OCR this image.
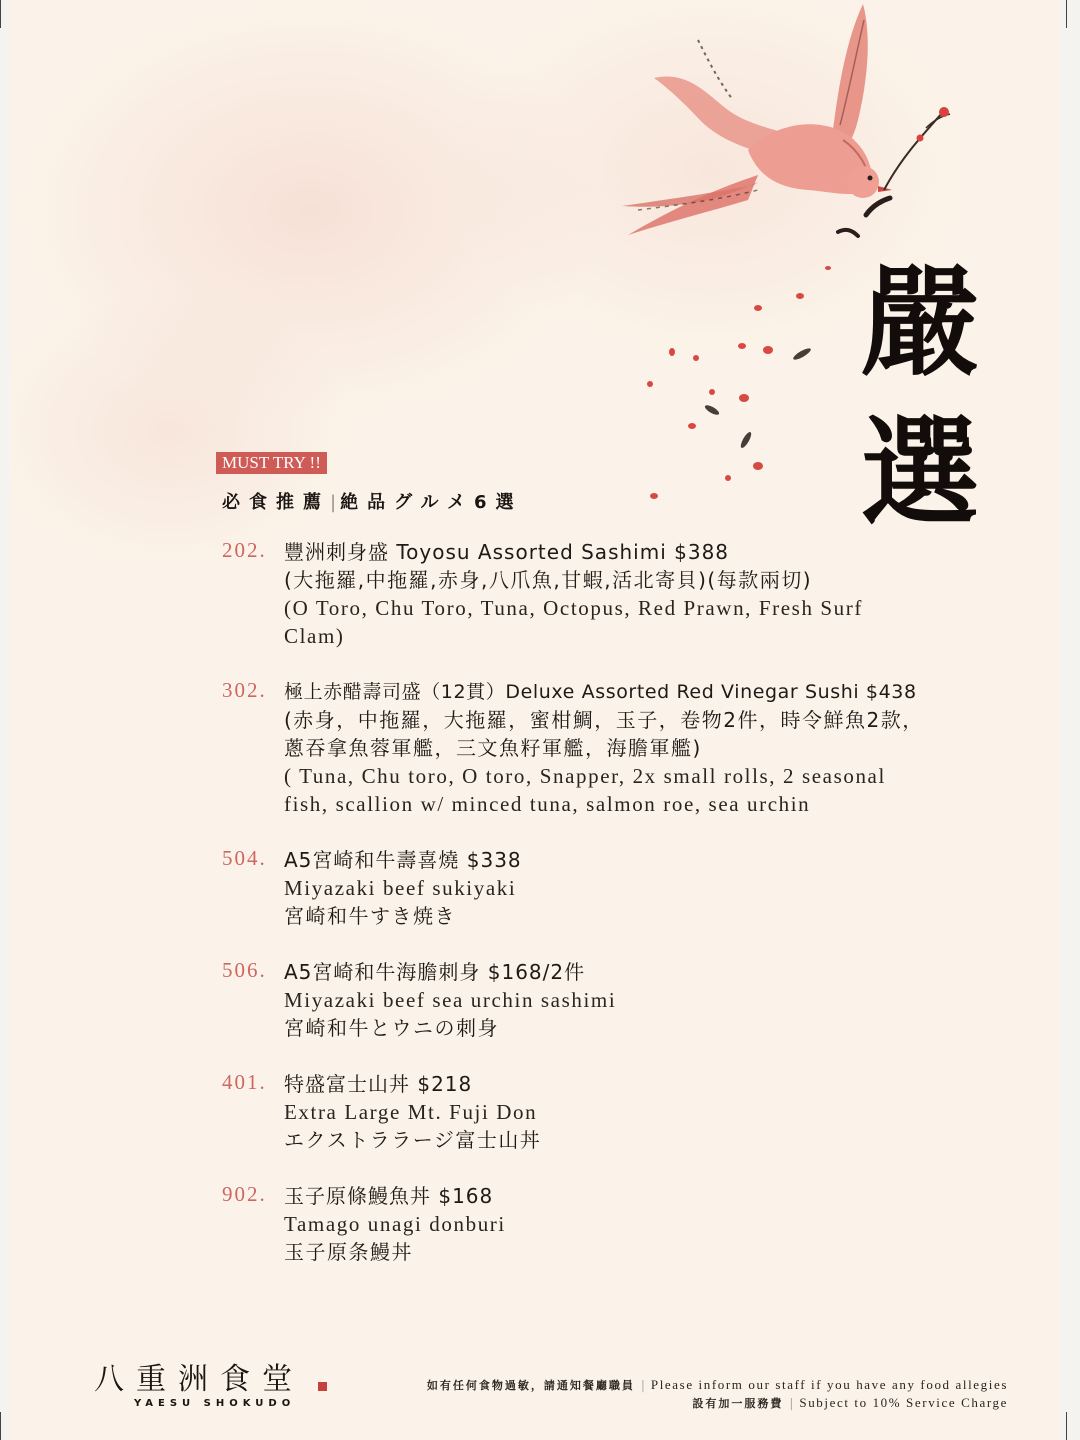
嚴
選
MUST TRY !!
必食推薦|絶品グルメ6選
202. 豐洲刺身盛 Toyosu Assorted Sashimi $388
(大拖羅,中拖羅,赤身,八爪魚,甘蝦,活北寄貝)(每款兩切)
(O Toro, Chu Toro, Tuna, Octopus, Red Prawn, Fresh Surf
Clam)
302. 極上赤醋壽司盛（12貫）Deluxe Assorted Red Vinegar Sushi $438
(赤身，中拖羅，大拖羅，蜜柑鯛，玉子，卷物2件，時令鮮魚2款，
蔥吞拿魚蓉軍艦，三文魚籽軍艦，海膽軍艦)
( Tuna, Chu toro, O toro, Snapper, 2x small rolls, 2 seasonal
fish, scallion w/ minced tuna, salmon roe, sea urchin
504. A5宮崎和牛壽喜燒 $338
Miyazaki beef sukiyaki
宮崎和牛すき焼き
506. A5宮崎和牛海膽刺身 $168/2件
Miyazaki beef sea urchin sashimi
宮崎和牛とウニの刺身
401. 特盛富士山丼 $218
Extra Large Mt. Fuji Don
エクストララージ富士山丼
902. 玉子原條鰻魚丼 $168
Tamago unagi donburi
玉子原条鰻丼
八重洲食堂
YAESU SHOKUDO
如有任何食物過敏，請通知餐廳職員 | Please inform our staff if you have any food allegies
設有加一服務費 | Subject to 10% Service Charge
